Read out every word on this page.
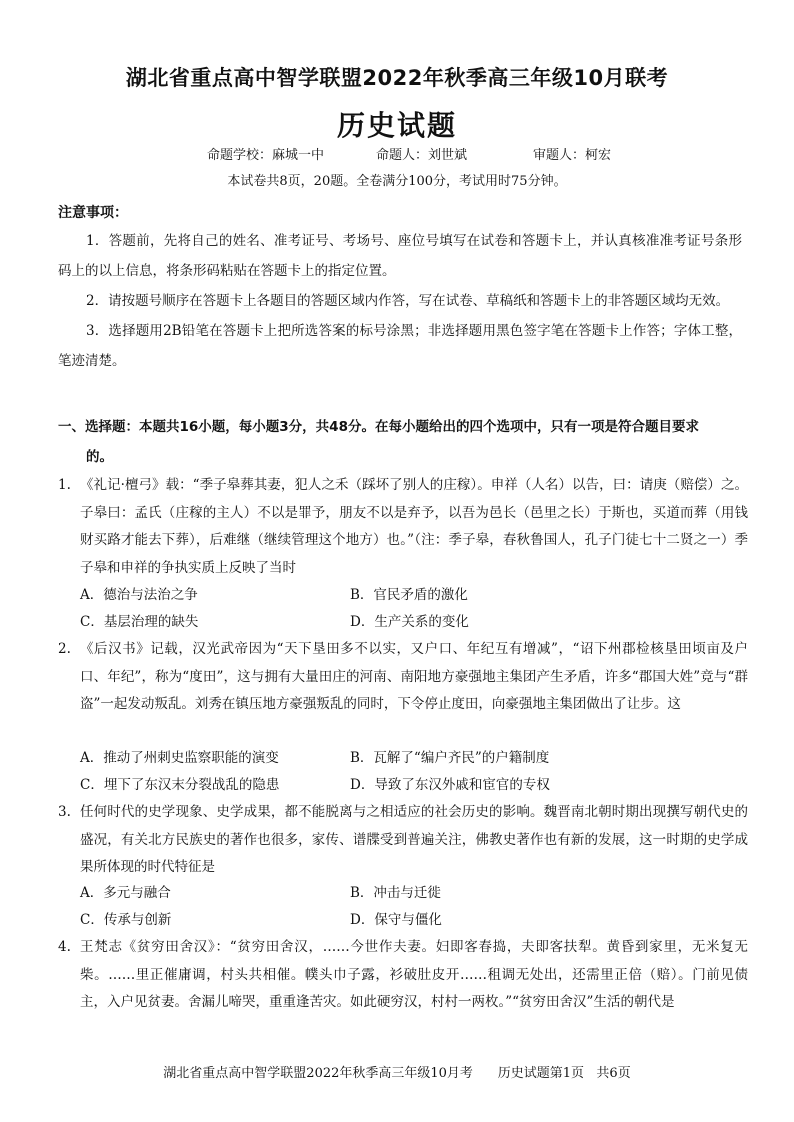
湖北省重点高中智学联盟2022年秋季高三年级10月联考
历史试题
命题学校：麻城一中	命题人：刘世斌	审题人：柯宏
本试卷共8页，20题。全卷满分100分，考试用时75分钟。
注意事项：
1．答题前，先将自己的姓名、准考证号、考场号、座位号填写在试卷和答题卡上，并认真核准准考证号条形码上的以上信息，将条形码粘贴在答题卡上的指定位置。
2．请按题号顺序在答题卡上各题目的答题区域内作答，写在试卷、草稿纸和答题卡上的非答题区域均无效。
3．选择题用2B铅笔在答题卡上把所选答案的标号涂黑；非选择题用黑色签字笔在答题卡上作答；字体工整，笔迹清楚。
一、选择题：本题共16小题，每小题3分，共48分。在每小题给出的四个选项中，只有一项是符合题目要求
的。
1. 《礼记·檀弓》载：“季子皋葬其妻，犯人之禾（踩坏了别人的庄稼）。申祥（人名）以告，曰：请庚（赔偿）之。子皋曰：孟氏（庄稼的主人）不以是罪予，朋友不以是弃予，以吾为邑长（邑里之长）于斯也，买道而葬（用钱财买路才能去下葬），后难继（继续管理这个地方）也。”（注：季子皋，春秋鲁国人，孔子门徒七十二贤之一）季子皋和申祥的争执实质上反映了当时
A．德治与法治之争	B．官民矛盾的激化
C．基层治理的缺失	D．生产关系的变化
2. 《后汉书》记载，汉光武帝因为“天下垦田多不以实，又户口、年纪互有增减”，“诏下州郡检核垦田顷亩及户口、年纪”，称为“度田”，这与拥有大量田庄的河南、南阳地方豪强地主集团产生矛盾，许多“郡国大姓”竞与“群盗”一起发动叛乱。刘秀在镇压地方豪强叛乱的同时，下令停止度田，向豪强地主集团做出了让步。这
A．推动了州刺史监察职能的演变	B．瓦解了“编户齐民”的户籍制度
C．埋下了东汉末分裂战乱的隐患	D．导致了东汉外戚和宦官的专权
3. 任何时代的史学现象、史学成果，都不能脱离与之相适应的社会历史的影响。魏晋南北朝时期出现撰写朝代史的盛况，有关北方民族史的著作也很多，家传、谱牒受到普遍关注，佛教史著作也有新的发展，这一时期的史学成果所体现的时代特征是
A．多元与融合	B．冲击与迁徙
C．传承与创新	D．保守与僵化
4. 王梵志《贫穷田舍汉》：“贫穷田舍汉，……今世作夫妻。妇即客春捣，夫即客扶犁。黄昏到家里，无米复无柴。……里正催庸调，村头共相催。幞头巾子露，衫破肚皮开……租调无处出，还需里正倍（赔）。门前见债主，入户见贫妻。舍漏儿啼哭，重重逢苦灾。如此硬穷汉，村村一两枚。”“贫穷田舍汉”生活的朝代是
湖北省重点高中智学联盟2022年秋季高三年级10月考 历史试题第1页 共6页
